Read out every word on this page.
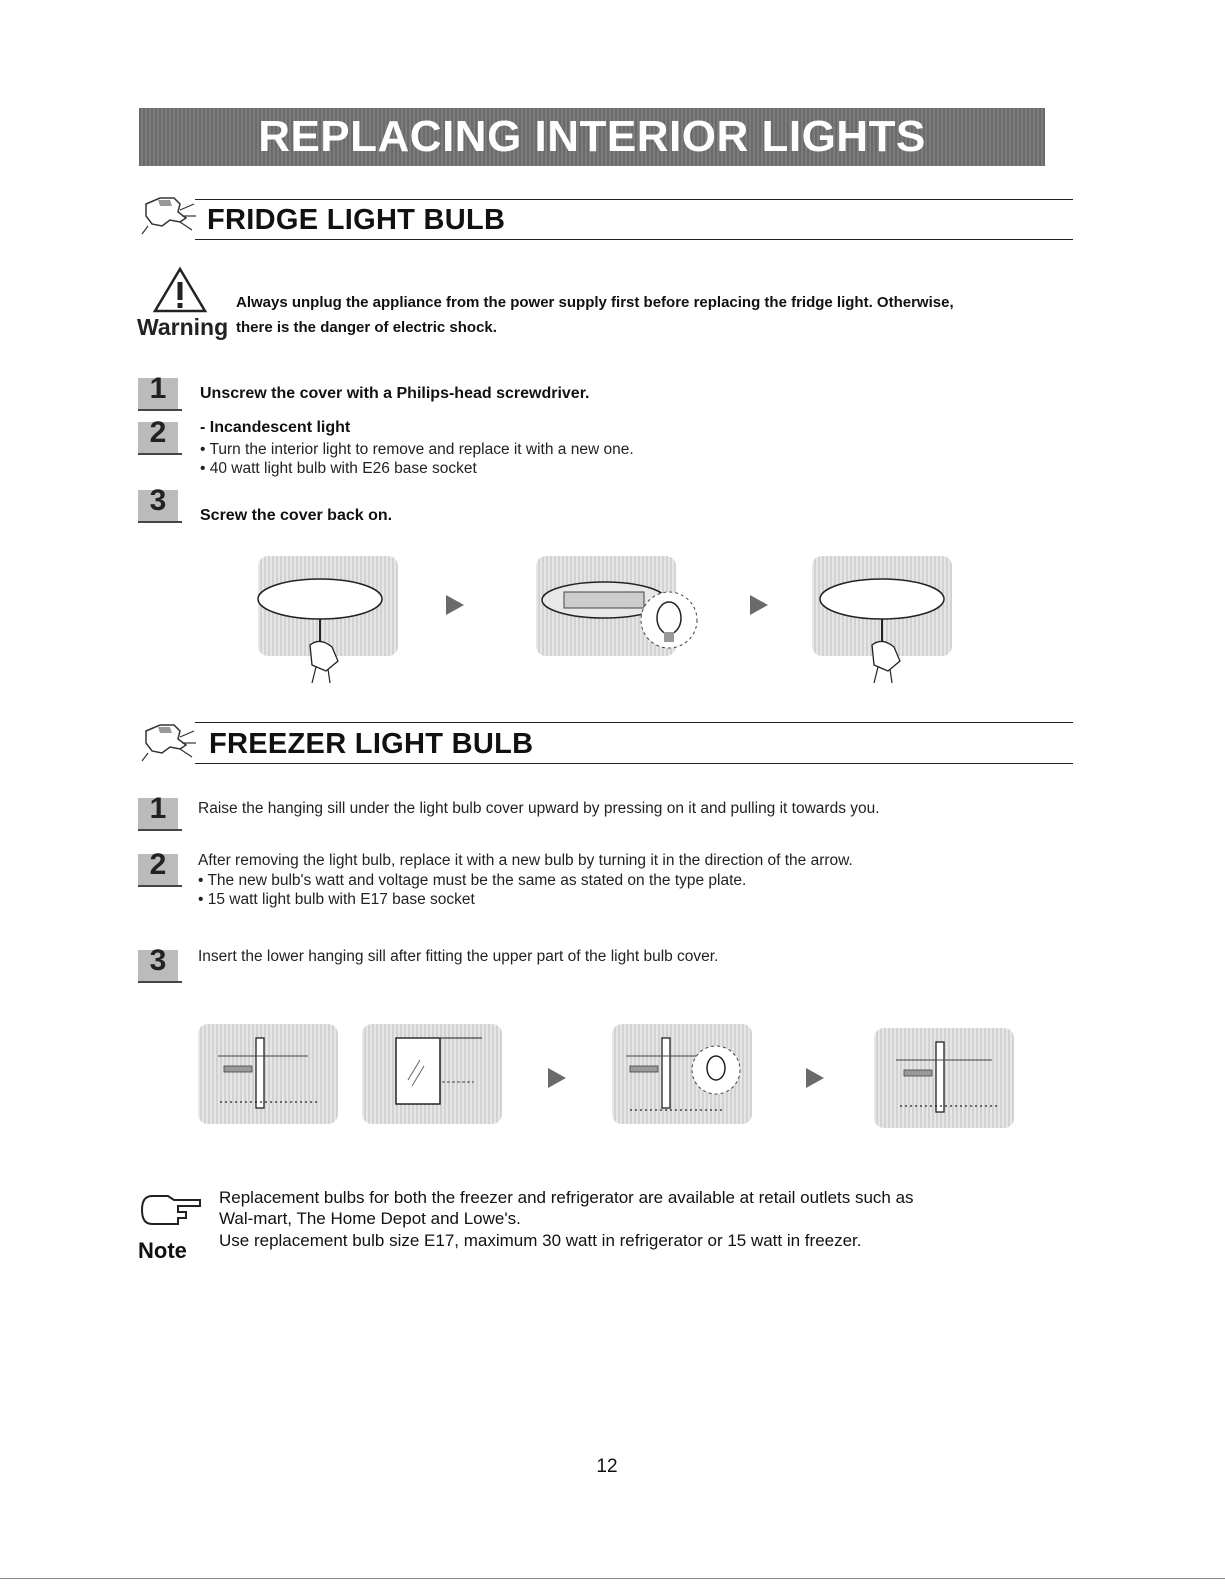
REPLACING INTERIOR LIGHTS
FRIDGE LIGHT BULB
Warning
Always unplug the appliance from the power supply first before replacing the fridge light. Otherwise,
there is the danger of electric shock.
1	Unscrew the cover with a Philips-head screwdriver.
2	- Incandescent light
• Turn the interior light to remove and replace it with a new one.
• 40 watt light bulb with E26 base socket
3	Screw the cover back on.
FREEZER LIGHT BULB
1	Raise the hanging sill under the light bulb cover upward by pressing on it and pulling it towards you.
2	After removing the light bulb, replace it with a new bulb by turning it in the direction of the arrow.
• The new bulb's watt and voltage must be the same as stated on the type plate.
• 15 watt light bulb with E17 base socket
3	Insert the lower hanging sill after fitting the upper part of the light bulb cover.
Note
Replacement bulbs for both the freezer and refrigerator are available at retail outlets such as
Wal-mart, The Home Depot and Lowe's.
Use replacement bulb size E17, maximum 30 watt in refrigerator or 15 watt in freezer.
12
